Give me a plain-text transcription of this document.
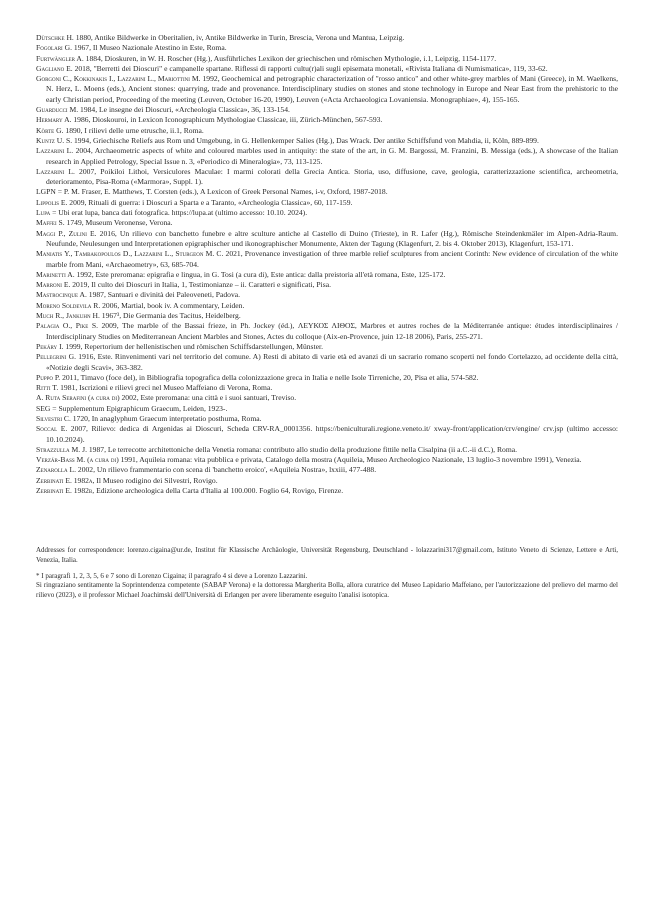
Dütschke H. 1880, Antike Bildwerke in Oberitalien, iv, Antike Bildwerke in Turin, Brescia, Verona und Mantua, Leipzig.

Fogolari G. 1967, Il Museo Nazionale Atestino in Este, Roma.

Furtwängler A. 1884, Dioskuren, in W. H. Roscher (Hg.), Ausführliches Lexikon der griechischen und römischen Mythologie, i.1, Leipzig, 1154-1177.

Gagliano E. 2018, "Berretti dei Dioscuri" e campanelle spartane. Riflessi di rapporti cultu(r)ali sugli episemata monetali, «Rivista Italiana di Numismatica», 119, 33-62.

Gorgoni C., Kokkinakis I., Lazzarini L., Mariottini M. 1992, Geochemical and petrographic characterization of "rosso antico" and other white-grey marbles of Mani (Greece), in M. Waelkens, N. Herz, L. Moens (eds.), Ancient stones: quarrying, trade and provenance. Interdisciplinary studies on stones and stone technology in Europe and Near East from the prehistoric to the early Christian period, Proceeding of the meeting (Leuven, October 16-20, 1990), Leuven («Acta Archaeologica Lovaniensia. Monographiae», 4), 155-165.

Guarducci M. 1984, Le insegne dei Dioscuri, «Archeologia Classica», 36, 133-154.

Hermary A. 1986, Dioskouroi, in Lexicon Iconographicum Mythologiae Classicae, iii, Zürich-München, 567-593.

Körte G. 1890, I rilievi delle urne etrusche, ii.1, Roma.

Kuntz U. S. 1994, Griechische Reliefs aus Rom und Umgebung, in G. Hellenkemper Salies (Hg.), Das Wrack. Der antike Schiffsfund von Mahdia, ii, Köln, 889-899.

Lazzarini L. 2004, Archaeometric aspects of white and coloured marbles used in antiquity: the state of the art, in G. M. Bargossi, M. Franzini, B. Messiga (eds.), A showcase of the Italian research in Applied Petrology, Special Issue n. 3, «Periodico di Mineralogia», 73, 113-125.

Lazzarini L. 2007, Poikiloi Lithoi, Versiculores Maculae: I marmi colorati della Grecia Antica. Storia, uso, diffusione, cave, geologia, caratterizzazione scientifica, archeometria, deterioramento, Pisa-Roma («Marmora», Suppl. 1).

LGPN = P. M. Fraser, E. Matthews, T. Corsten (eds.), A Lexicon of Greek Personal Names, i-v, Oxford, 1987-2018.

Lippolis E. 2009, Rituali di guerra: i Dioscuri a Sparta e a Taranto, «Archeologia Classica», 60, 117-159.

Lupa = Ubi erat lupa, banca dati fotografica. https://lupa.at (ultimo accesso: 10.10. 2024).

Maffei S. 1749, Museum Veronense, Verona.

Maggi P., Zulini E. 2016, Un rilievo con banchetto funebre e altre sculture antiche al Castello di Duino (Trieste), in R. Lafer (Hg.), Römische Steindenkmäler im Alpen-Adria-Raum. Neufunde, Neulesungen und Interpretationen epigraphischer und ikonographischer Monumente, Akten der Tagung (Klagenfurt, 2. bis 4. Oktober 2013), Klagenfurt, 153-171.

Maniatis Y., Tambakopoulos D., Lazzarini L., Sturgeon M. C. 2021, Provenance investigation of three marble relief sculptures from ancient Corinth: New evidence of circulation of the white marble from Mani, «Archaeometry», 63, 685-704.

Marinetti A. 1992, Este preromana: epigrafia e lingua, in G. Tosi (a cura di), Este antica: dalla preistoria all'età romana, Este, 125-172.

Marroni E. 2019, Il culto dei Dioscuri in Italia, 1, Testimonianze – ii. Caratteri e significati, Pisa.

Mastrocinque A. 1987, Santuari e divinità dei Paleoveneti, Padova.

Moreno Soldevila R. 2006, Martial, book iv. A commentary, Leiden.

Much R., Jankuhn H. 1967³, Die Germania des Tacitus, Heidelberg.

Palagia O., Pike S. 2009, The marble of the Bassai frieze, in Ph. Jockey (éd.), ΛΕΥΚΟΣ ΛΙΘΟΣ, Marbres et autres roches de la Méditerranée antique: études interdisciplinaires / Interdisciplinary Studies on Mediterranean Ancient Marbles and Stones, Actes du colloque (Aix-en-Provence, juin 12-18 2006), Paris, 255-271.

Pekáry I. 1999, Repertorium der hellenistischen und römischen Schiffsdarstellungen, Münster.

Pellegrini G. 1916, Este. Rinvenimenti vari nel territorio del comune. A) Resti di abitato di varie età ed avanzi di un sacrario romano scoperti nel fondo Cortelazzo, ad occidente della città, «Notizie degli Scavi», 363-382.

Puppo P. 2011, Timavo (foce del), in Bibliografia topografica della colonizzazione greca in Italia e nelle Isole Tirreniche, 20, Pisa et alia, 574-582.

Ritti T. 1981, Iscrizioni e rilievi greci nel Museo Maffeiano di Verona, Roma.

A. Ruta Serafini (a cura di) 2002, Este preromana: una città e i suoi santuari, Treviso.

SEG = Supplementum Epigraphicum Graecum, Leiden, 1923-.

Silvestri C. 1720, In anaglyphum Graecum interpretatio posthuma, Roma.

Soccal E. 2007, Rilievo: dedica di Argenidas ai Dioscuri, Scheda CRV-RA_0001356. https://beniculturali.regione.veneto.it/ xway-front/application/crv/engine/ crv.jsp (ultimo accesso: 10.10.2024).

Strazzulla M. J. 1987, Le terrecotte architettoniche della Venetia romana: contributo allo studio della produzione fittile nella Cisalpina (ii a.C.-ii d.C.), Roma.

Verzár-Bass M. (a cura di) 1991, Aquileia romana: vita pubblica e privata, Catalogo della mostra (Aquileia, Museo Archeologico Nazionale, 13 luglio-3 novembre 1991), Venezia.

Zenarolla L. 2002, Un rilievo frammentario con scena di 'banchetto eroico', «Aquileia Nostra», lxxiii, 477-488.

Zerbinati E. 1982a, Il Museo rodigino dei Silvestri, Rovigo.

Zerbinati E. 1982b, Edizione archeologica della Carta d'Italia al 100.000. Foglio 64, Rovigo, Firenze.

Addresses for correspondence: lorenzo.cigaina@ur.de, Institut für Klassische Archäologie, Universität Regensburg, Deutschland - lolazzarini317@gmail.com, Istituto Veneto di Scienze, Lettere e Arti, Venezia, Italia.

* I paragrafi 1, 2, 3, 5, 6 e 7 sono di Lorenzo Cigaina; il paragrafo 4 si deve a Lorenzo Lazzarini.

Si ringraziano sentitamente la Soprintendenza competente (SABAP Verona) e la dottoressa Margherita Bolla, allora curatrice del Museo Lapidario Maffeiano, per l'autorizzazione del prelievo del marmo del rilievo (2023), e il professor Michael Joachimski dell'Università di Erlangen per avere liberamente eseguito l'analisi isotopica.
